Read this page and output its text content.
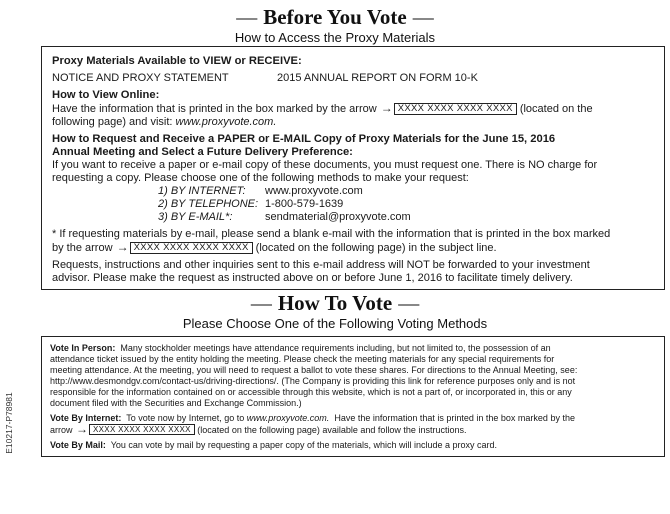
— Before You Vote —
How to Access the Proxy Materials

Proxy Materials Available to VIEW or RECEIVE:

NOTICE AND PROXY STATEMENT	2015 ANNUAL REPORT ON FORM 10-K

How to View Online:

Have the information that is printed in the box marked by the arrow → XXXX XXXX XXXX XXXX (located on the

following page) and visit: www.proxyvote.com.

How to Request and Receive a PAPER or E-MAIL Copy of Proxy Materials for the June 15, 2016

Annual Meeting and Select a Future Delivery Preference:

If you want to receive a paper or e-mail copy of these documents, you must request one. There is NO charge for

requesting a copy. Please choose one of the following methods to make your request:

1) BY INTERNET: www.proxyvote.com
2) BY TELEPHONE: 1-800-579-1639
3) BY E-MAIL*:	sendmaterial@proxyvote.com

* If requesting materials by e-mail, please send a blank e-mail with the information that is printed in the box marked

by the arrow → XXXX XXXX XXXX XXXX (located on the following page) in the subject line.

Requests, instructions and other inquiries sent to this e-mail address will NOT be forwarded to your investment

advisor. Please make the request as instructed above on or before June 1, 2016 to facilitate timely delivery.

— How To Vote —
Please Choose One of the Following Voting Methods

Vote In Person: Many stockholder meetings have attendance requirements including, but not limited to, the possession of an

attendance ticket issued by the entity holding the meeting. Please check the meeting materials for any special requirements for

meeting attendance. At the meeting, you will need to request a ballot to vote these shares. For directions to the Annual Meeting, see:

http://www.desmondgv.com/contact-us/driving-directions/. (The Company is providing this link for reference purposes only and is not

responsible for the information contained on or accessible through this website, which is not a part of, or incorporated in, this or any

document filed with the Securities and Exchange Commission.)

Vote By Internet: To vote now by Internet, go to www.proxyvote.com. Have the information that is printed in the box marked by the

arrow → XXXX XXXX XXXX XXXX (located on the following page) available and follow the instructions.

Vote By Mail: You can vote by mail by requesting a paper copy of the materials, which will include a proxy card.

E10217-P78981
